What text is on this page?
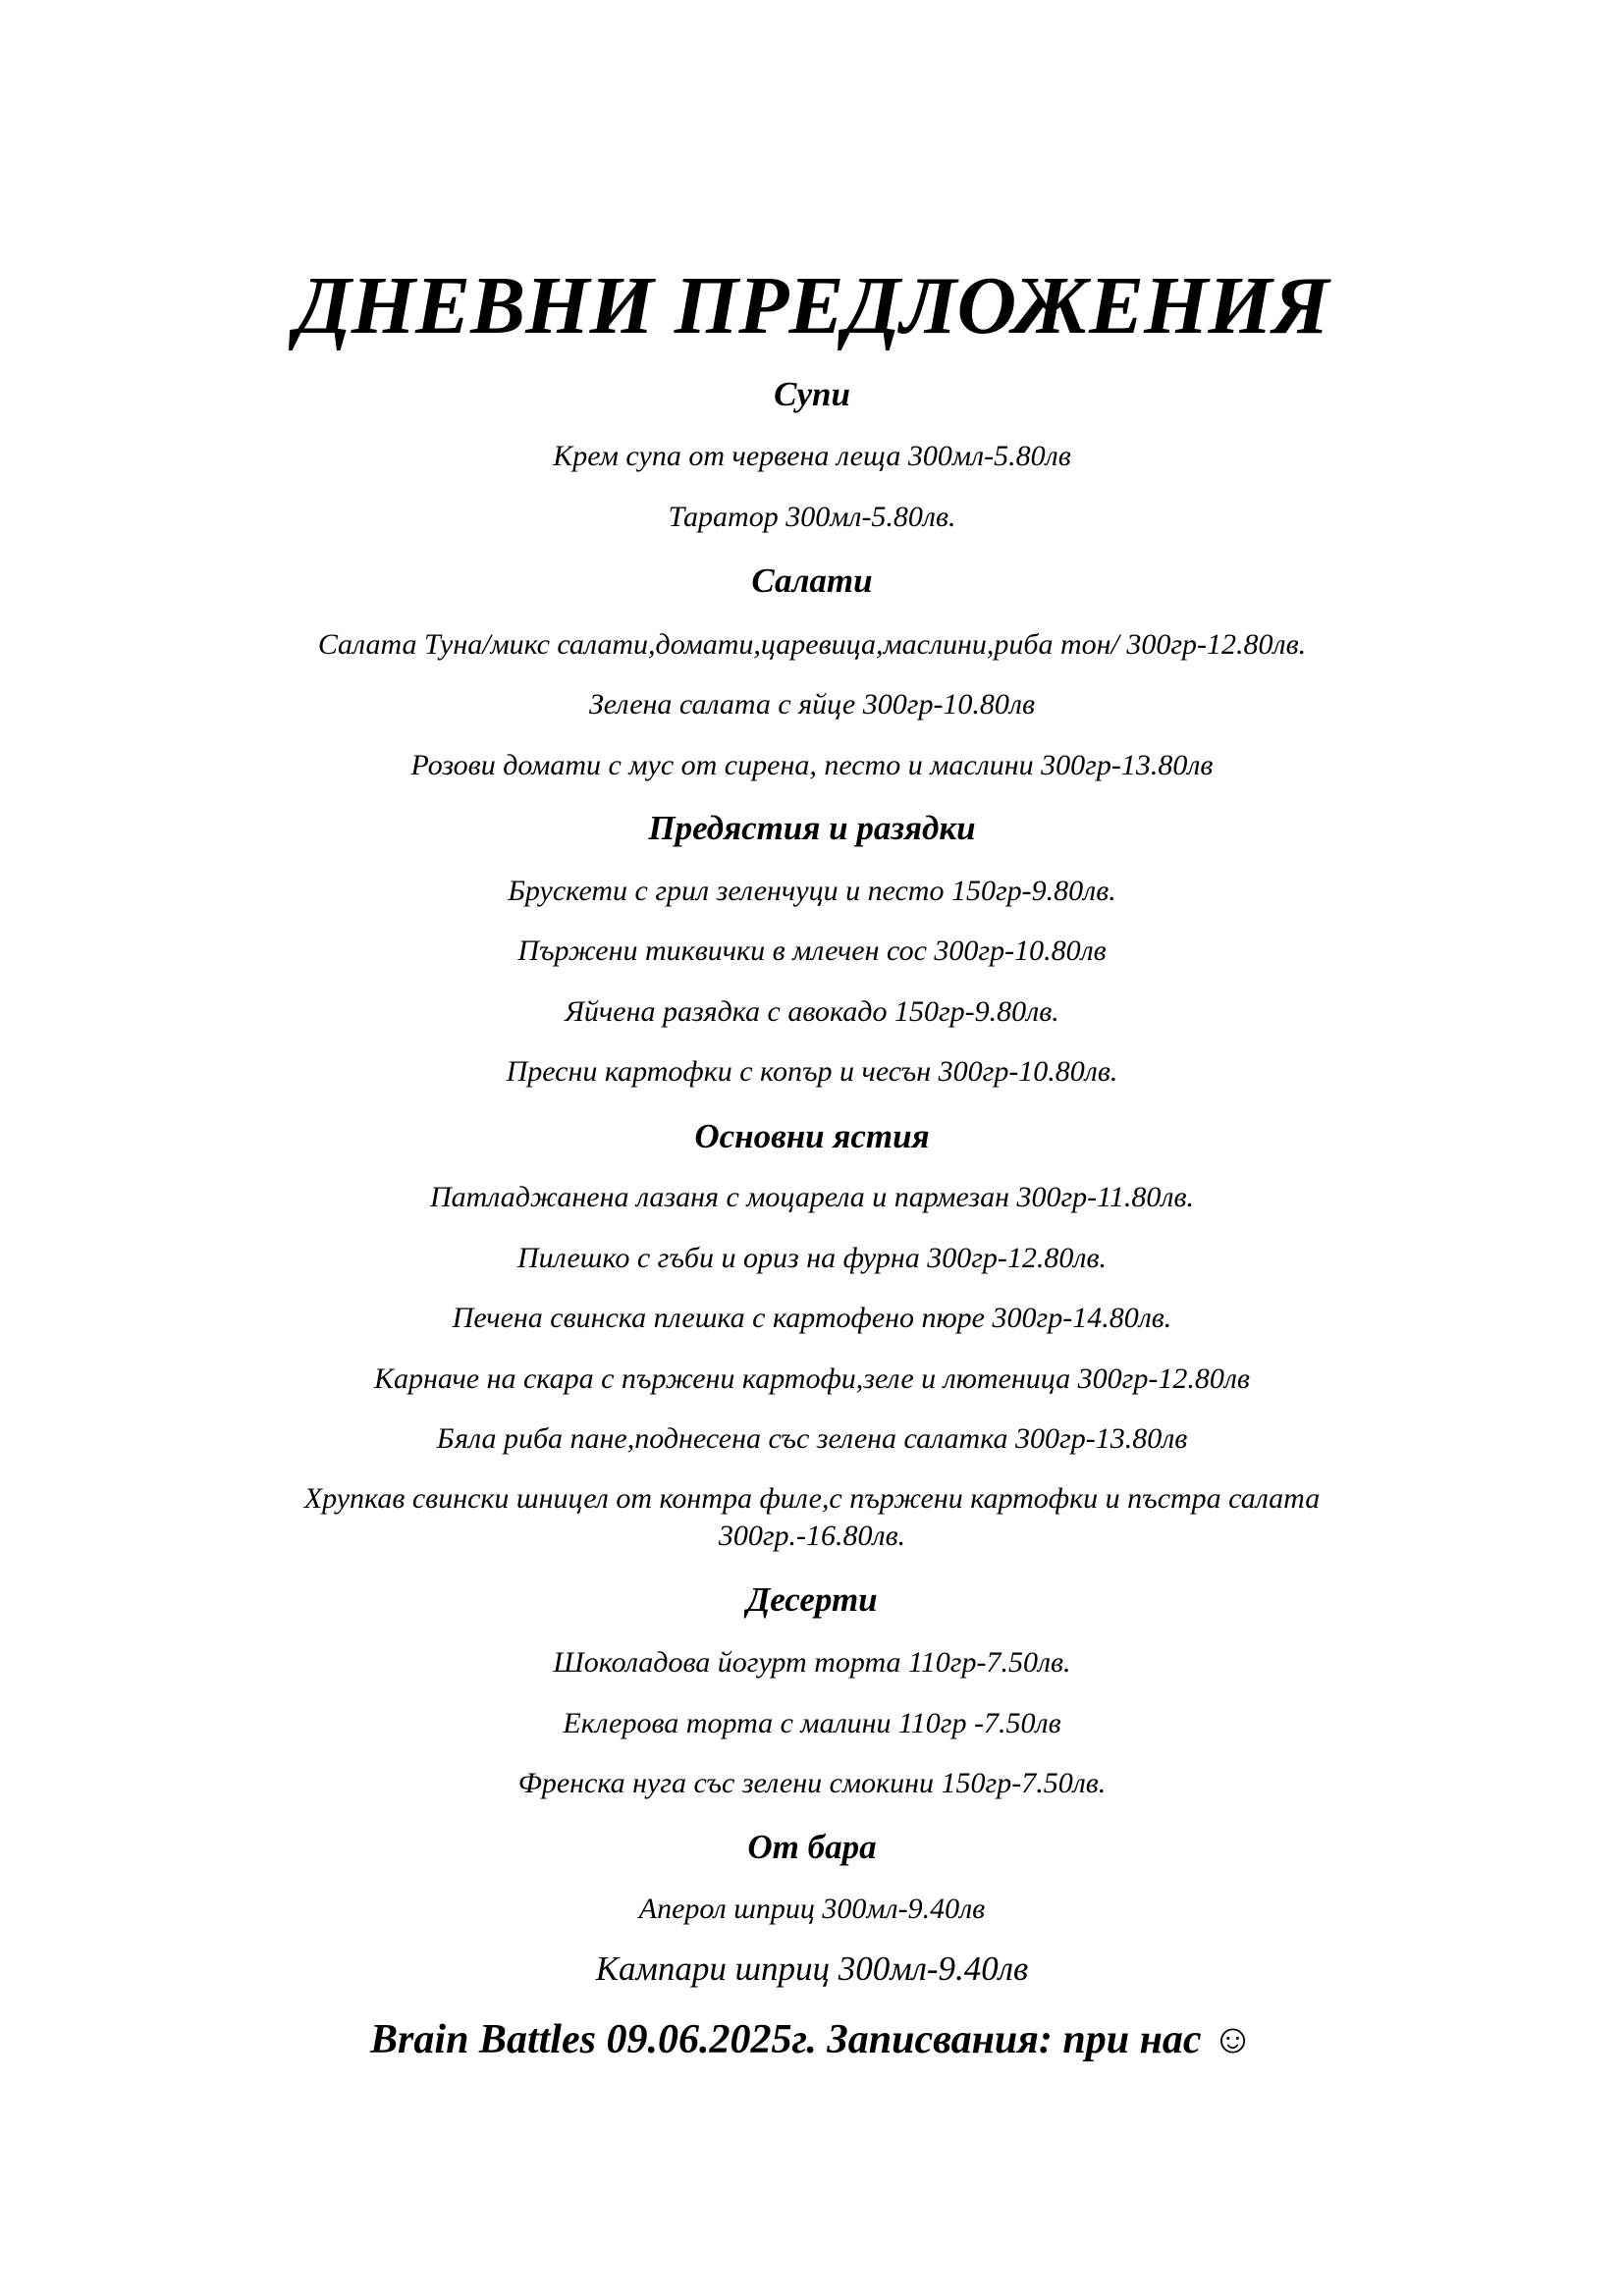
ДНЕВНИ ПРЕДЛОЖЕНИЯ
Супи

Крем супа от червена леща 300мл-5.80лв

Таратор 300мл-5.80лв.

Салати

Салата Туна/микс салати,домати,царевица,маслини,риба тон/ 300гр-12.80лв.

Зелена салата с яйце 300гр-10.80лв

Розови домати с мус от сирена, песто и маслини 300гр-13.80лв

Предястия и разядки

Брускети с грил зеленчуци и песто 150гр-9.80лв.

Пържени тиквички в млечен сос 300гр-10.80лв

Яйчена разядка с авокадо 150гр-9.80лв.

Пресни картофки с копър и чесън 300гр-10.80лв.

Основни ястия

Патладжанена лазаня с моцарела и пармезан 300гр-11.80лв.

Пилешко с гъби и ориз на фурна 300гр-12.80лв.

Печена свинска плешка с картофено пюре 300гр-14.80лв.

Карначе на скара с пържени картофи,зеле и лютеница 300гр-12.80лв

Бяла риба пане,поднесена със зелена салатка 300гр-13.80лв

Хрупкав свински шницел от контра филе,с пържени картофки и пъстра салата 300гр.-16.80лв.

Десерти

Шоколадова йогурт торта 110гр-7.50лв.

Еклерова торта с малини 110гр -7.50лв

Френска нуга със зелени смокини 150гр-7.50лв.

От бара

Аперол шприц 300мл-9.40лв

Кампари шприц 300мл-9.40лв

Brain Battles 09.06.2025г. Записвания: при нас ☺
